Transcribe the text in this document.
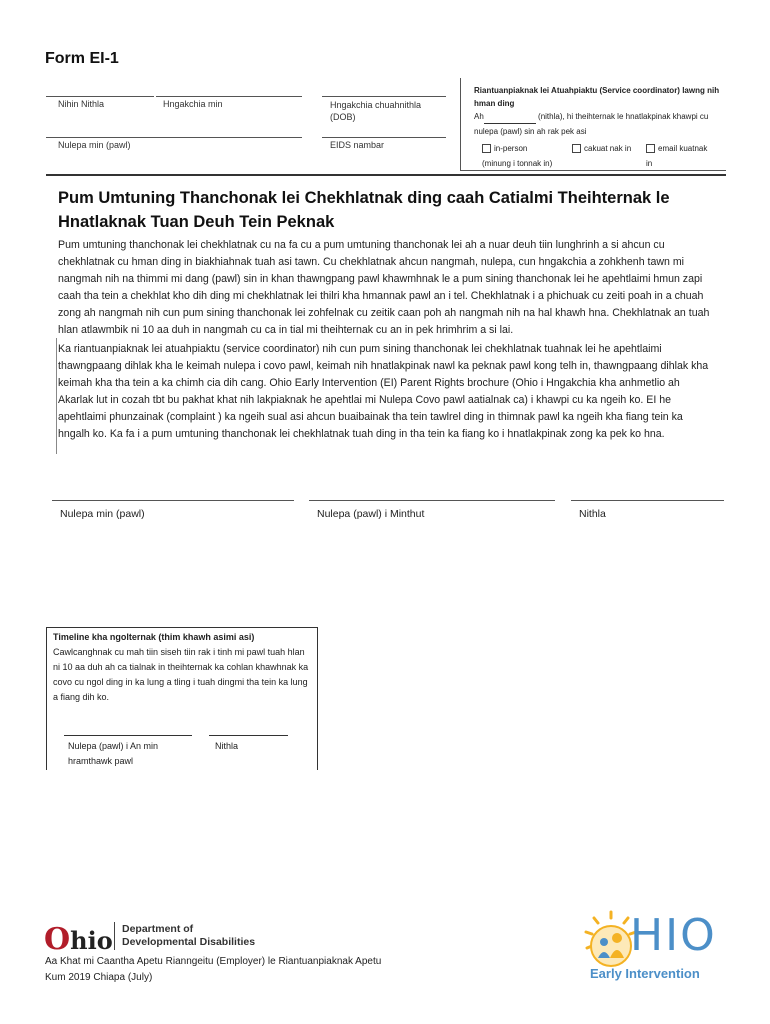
Form EI-1
Nihin Nithla	Hngakchia min	Hngakchia chuahnithla (DOB)
Nulepa min (pawl)	EIDS nambar
Riantuanpiaknak lei Atuahpiaktu (Service coordinator) lawng nih hman ding
Ah	(nithla), hi theihternak le hnatlakpinak khawpi cu nulepa (pawl) sin ah rak pek asi
in-person
(minung i tonnak in)
cakuat nak in	email kuatnak
in
Pum Umtuning Thanchonak lei Chekhlatnak ding caah Catialmi Theihternak le Hnatlaknak Tuan Deuh Tein Peknak
Pum umtuning thanchonak lei chekhlatnak cu na fa cu a pum umtuning thanchonak lei ah a nuar deuh tiin lunghrinh a si ahcun cu chekhlatnak cu hman ding in biakhiahnak tuah asi tawn. Cu chekhlatnak ahcun nangmah, nulepa, cun hngakchia a zohkhenh tawn mi nangmah nih na thimmi mi dang (pawl) sin in khan thawngpang pawl khawmhnak le a pum sining thanchonak lei he apehtlaimi hmun zapi caah tha tein a chekhlat kho dih ding mi chekhlatnak lei thilri kha hmannak pawl an i tel. Chekhlatnak i a phichuak cu zeiti poah in a chuah zong ah nangmah nih cun pum sining thanchonak lei zohfelnak cu zeitik caan poh ah nangmah nih na hal khawh hna. Chekhlatnak an tuah hlan atlawmbik ni 10 aa duh in nangmah cu ca in tial mi theihternak cu an in pek hrimhrim a si lai.
Ka riantuanpiaknak lei atuahpiaktu (service coordinator) nih cun pum sining thanchonak lei chekhlatnak tuahnak lei he apehtlaimi thawngpaang dihlak kha le keimah nulepa i covo pawl, keimah nih hnatlakpinak nawl ka peknak pawl kong telh in, thawngpaang dihlak kha keimah kha tha tein a ka chimh cia dih cang. Ohio Early Intervention (EI) Parent Rights brochure (Ohio i Hngakchia kha anhmetlio ah Akarlak lut in cozah tbt bu pakhat khat nih lakpiaknak he apehtlai mi Nulepa Covo pawl aatialnak ca) i khawpi cu ka ngeih ko. EI he apehtlaimi phunzainak (complaint ) ka ngeih sual asi ahcun buaibainak tha tein tawlrel ding in thimnak pawl ka ngeih kha fiang tein ka hngalh ko. Ka fa i a pum umtuning thanchonak lei chekhlatnak tuah ding in tha tein ka fiang ko i hnatlakpinak zong ka pek ko hna.
Nulepa min (pawl)	Nulepa (pawl) i Minthut	Nithla
Timeline kha ngolternak (thim khawh asimi asi)
Cawlcanghnak cu mah tiin siseh tiin rak i tinh mi pawl tuah hlan ni 10 aa duh ah ca tialnak in theihternak ka cohlan khawhnak ka covo cu ngol ding in ka lung a tling i tuah dingmi tha tein ka lung a fiang dih ko.
Nulepa (pawl) i An min hramthawk pawl
Nithla
Ohio Department of
Developmental Disabilities
Aa Khat mi Caantha Apetu Rianngeitu (Employer) le Riantuanpiaknak Apetu
Kum 2019 Chiapa (July)
HIO
Early Intervention
